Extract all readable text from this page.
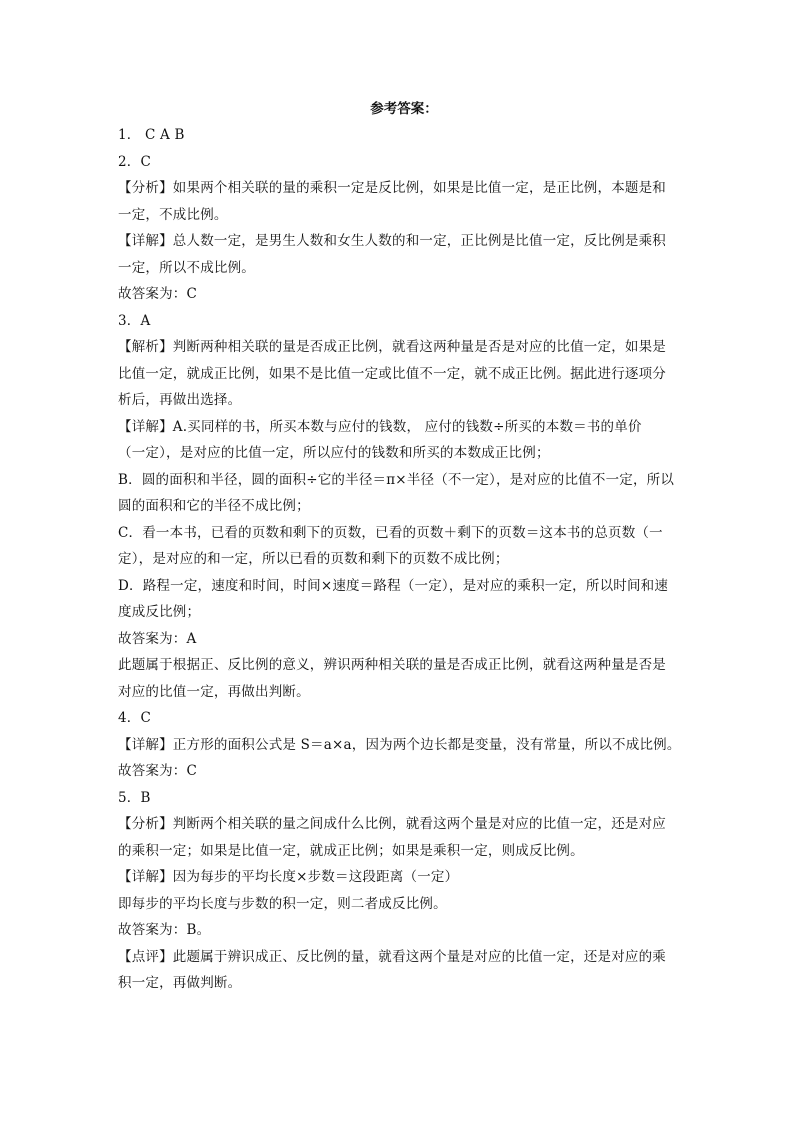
参考答案：
1． C A B
2．C
【分析】如果两个相关联的量的乘积一定是反比例，如果是比值一定，是正比例，本题是和
一定，不成比例。
【详解】总人数一定，是男生人数和女生人数的和一定，正比例是比值一定，反比例是乘积
一定，所以不成比例。
故答案为：C
3．A
【解析】判断两种相关联的量是否成正比例，就看这两种量是否是对应的比值一定，如果是
比值一定，就成正比例，如果不是比值一定或比值不一定，就不成正比例。据此进行逐项分
析后，再做出选择。
【详解】A.买同样的书，所买本数与应付的钱数， 应付的钱数÷所买的本数＝书的单价
（一定），是对应的比值一定，所以应付的钱数和所买的本数成正比例；
B．圆的面积和半径，圆的面积÷它的半径＝π×半径（不一定），是对应的比值不一定，所以
圆的面积和它的半径不成比例；
C．看一本书，已看的页数和剩下的页数，已看的页数＋剩下的页数＝这本书的总页数（一
定），是对应的和一定，所以已看的页数和剩下的页数不成比例；
D．路程一定，速度和时间，时间×速度＝路程（一定），是对应的乘积一定，所以时间和速
度成反比例；
故答案为：A
此题属于根据正、反比例的意义，辨识两种相关联的量是否成正比例，就看这两种量是否是
对应的比值一定，再做出判断。
4．C
【详解】正方形的面积公式是 S＝a×a，因为两个边长都是变量，没有常量，所以不成比例。
故答案为：C
5．B
【分析】判断两个相关联的量之间成什么比例，就看这两个量是对应的比值一定，还是对应
的乘积一定；如果是比值一定，就成正比例；如果是乘积一定，则成反比例。
【详解】因为每步的平均长度×步数＝这段距离（一定）
即每步的平均长度与步数的积一定，则二者成反比例。
故答案为：B。
【点评】此题属于辨识成正、反比例的量，就看这两个量是对应的比值一定，还是对应的乘
积一定，再做判断。
